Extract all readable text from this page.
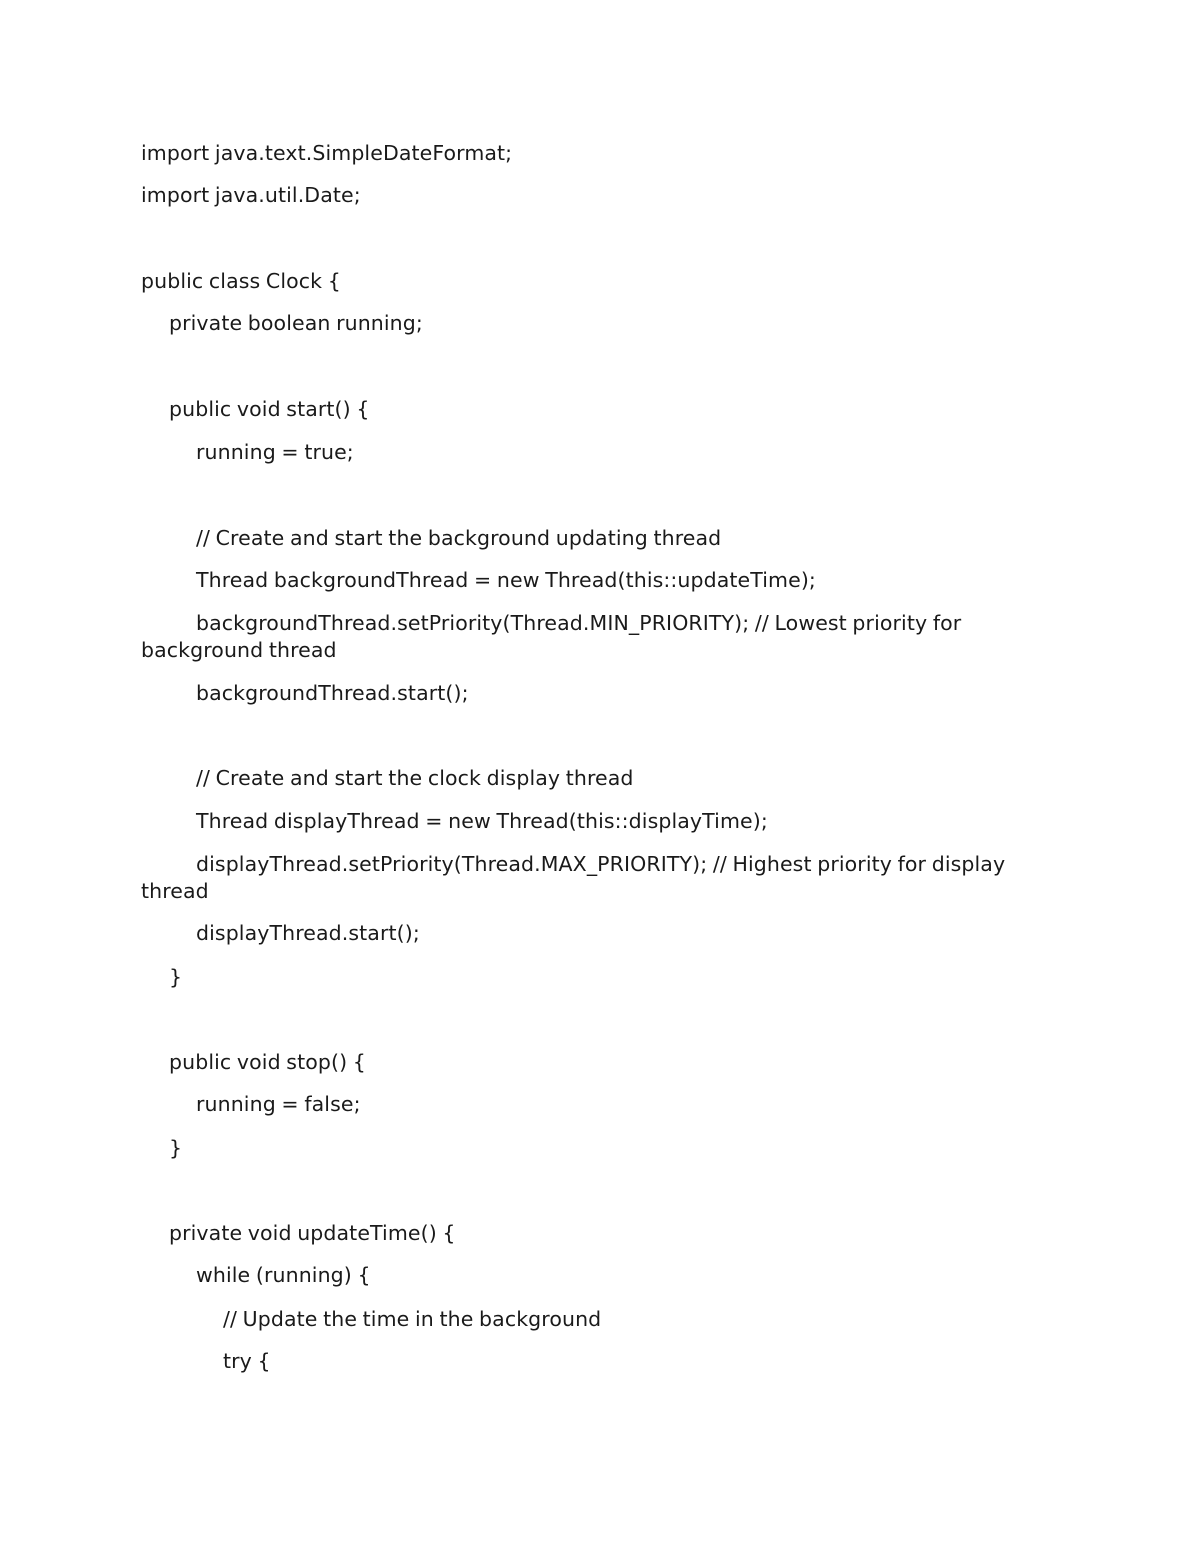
import java.text.SimpleDateFormat;
import java.util.Date;
public class Clock {
private boolean running;
public void start() {
running = true;
// Create and start the background updating thread
Thread backgroundThread = new Thread(this::updateTime);
backgroundThread.setPriority(Thread.MIN_PRIORITY); // Lowest priority for background thread
backgroundThread.start();
// Create and start the clock display thread
Thread displayThread = new Thread(this::displayTime);
displayThread.setPriority(Thread.MAX_PRIORITY); // Highest priority for display thread
displayThread.start();
}
public void stop() {
running = false;
}
private void updateTime() {
while (running) {
// Update the time in the background
try {
